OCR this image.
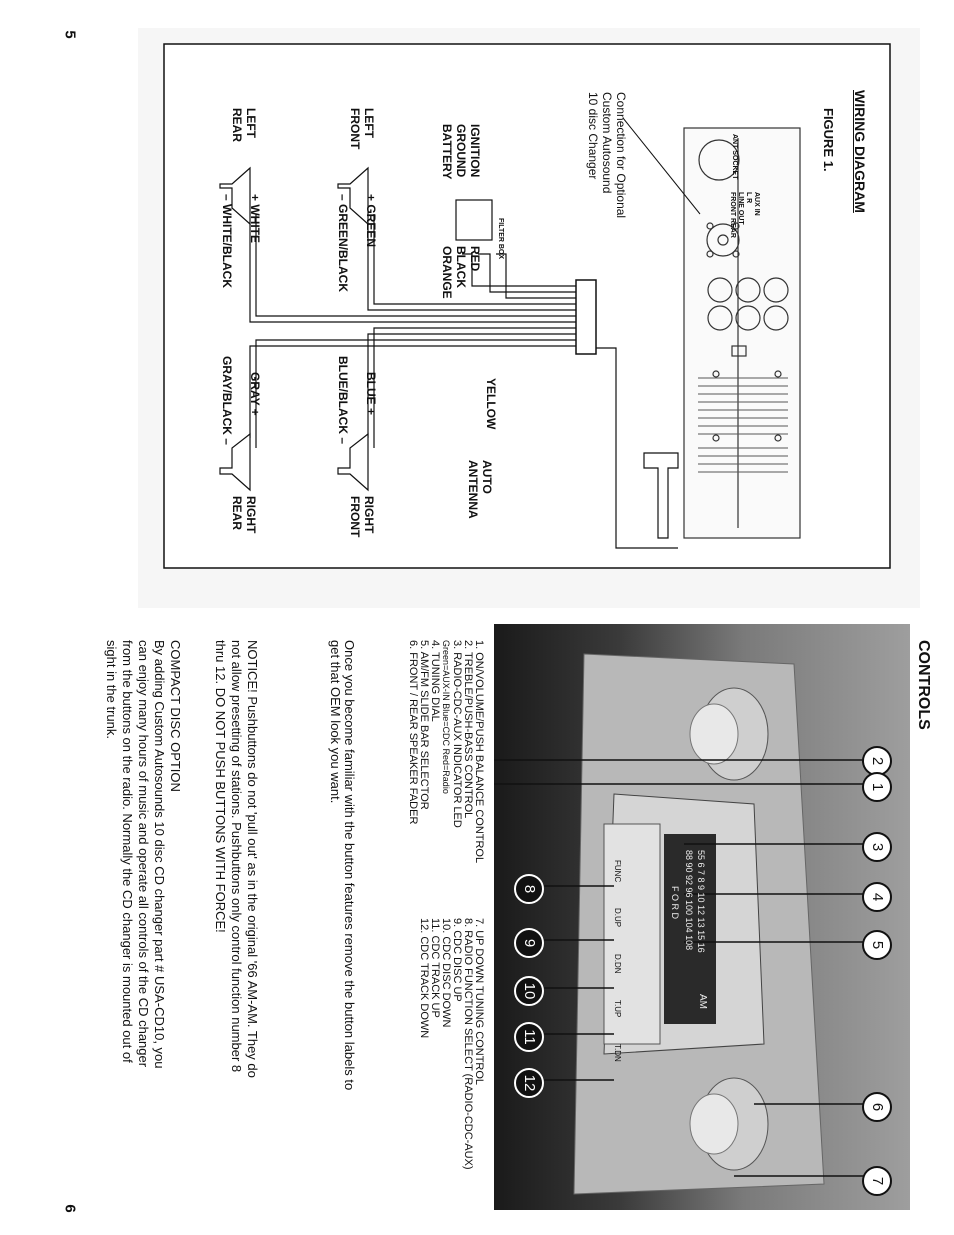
5
6
WIRING DIAGRAM
FIGURE 1.
Connection for Optional
Custom Autosound
10 disc Changer	ANT SOCKET
AUX IN
L R
LINE OUT
FRONT REAR
FILTER BOX
IGNITION
GROUND
BATTERY
RED
BLACK
ORANGE
YELLOW
AUTO ANTENNA
LEFT FRONT
LEFT REAR
RIGHT FRONT
RIGHT REAR
+ GREEN
– GREEN/BLACK
+ WHITE
– WHITE/BLACK
BLUE +
BLUE/BLACK –
GRAY +
GRAY/BLACK –
CONTROLS
55 6 7 8 9 10 12 13 15 16
88 90 92 96 100 104 108
F O R D
AM
FUNC
D.UP
D.DN
T.UP
T.DN
2
1
3
4
5
6
7
8
9
10
11
12
1. ON/VOLUME/PUSH BALANCE CONTROL
2. TREBLE/PUSH-BASS CONTROL
3. RADIO-CDC-AUX INDICATOR LED
Green=AUX-IN Blue=CDC Red=Radio
4. TUNING DIAL
5. AM/FM SLIDE BAR SELECTOR
6. FRONT / REAR SPEAKER FADER
7. UP DOWN TUNING CONTROL
8. RADIO FUNCTION SELECT (RADIO-CDC-AUX)
9. CDC DISC UP
10. CDC DISC DOWN
11. CDC TRACK UP
12. CDC TRACK DOWN
Once you become familiar with the button features remove the button labels to
get that OEM look you want.
NOTICE! Pushbuttons do not 'pull out' as in the original '66 AM-AM. They do
not allow presetting of stations. Pushbuttons only control function number 8
thru 12. DO NOT PUSH BUTTONS WITH FORCE!
COMPACT DISC OPTION
By adding Custom Autosounds 10 disc CD changer part # USA-CD10, you
can enjoy many hours of music and operate all controls of the CD changer
from the buttons on the radio. Normally the CD changer is mounted out of
sight in the trunk.
